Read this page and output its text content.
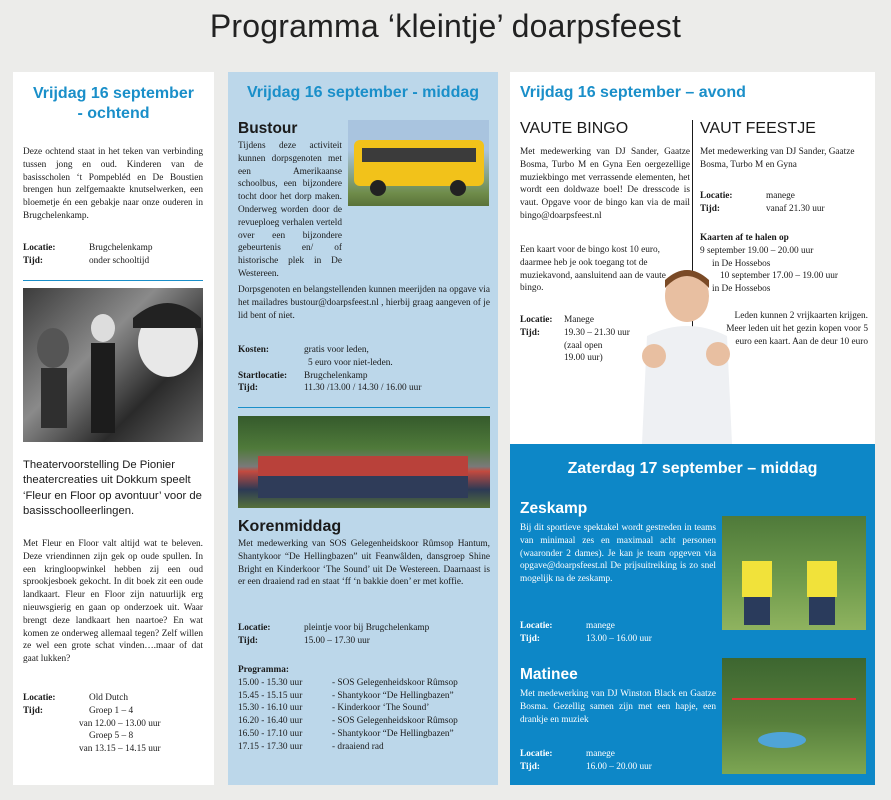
Programma ‘kleintje’ doarpsfeest
Vrijdag 16 september
- ochtend
Deze ochtend staat in het teken van verbinding tussen jong en oud. Kinderen van de basisscholen ‘t Pompebléd en De Boustien brengen hun zelfgemaakte knutselwerken, een bloemetje én een gebakje naar onze ouderen in Brugchelenkamp.
Locatie:	Brugchelenkamp
Tijd:	onder schooltijd
Theatervoorstelling De Pionier theatercreaties uit Dokkum speelt ‘Fleur en Floor op avontuur’ voor de basisschoolleerlingen.
Met Fleur en Floor valt altijd wat te beleven. Deze vriendinnen zijn gek op oude spullen. In een kringloopwinkel hebben zij een oud sprookjesboek gekocht. In dit boek zit een oude landkaart. Fleur en Floor zijn natuurlijk erg nieuwsgierig en gaan op onderzoek uit. Waar brengt deze landkaart hen naartoe? En wat komen ze onderweg allemaal tegen? Zelf willen ze wel een grote schat vinden….maar of dat gaat lukken?
Locatie:	Old Dutch
Tijd:	Groep 1 – 4
van 12.00 – 13.00 uur
Groep 5 – 8
van 13.15 – 14.15 uur
Vrijdag 16 september - middag
Bustour
Tijdens deze activiteit kunnen dorpsgenoten met een Amerikaanse schoolbus, een bijzondere tocht door het dorp maken. Onderweg worden door de revueploeg verhalen verteld over een bijzondere gebeurtenis en/ of historische plek in De Westereen.
Dorpsgenoten en belangstellenden kunnen meerijden na opgave via het mailadres bustour@doarpsfeest.nl , hierbij graag aangeven of je lid bent of niet.
Kosten:	gratis voor leden,
5 euro voor niet-leden.
Startlocatie: Brugchelenkamp
Tijd:	11.30 /13.00 / 14.30 / 16.00 uur
Korenmiddag
Met medewerking van SOS Gelegenheidskoor Rûmsop Hantum, Shantykoor “De Hellingbazen” uit Feanwâlden, dansgroep Shine Bright en Kinderkoor ‘The Sound’ uit De Westereen. Daarnaast is er een draaiend rad en staat ‘ff ‘n bakkie doen’ er met koffie.
Locatie:	pleintje voor bij Brugchelenkamp
Tijd:	15.00 – 17.30 uur
Programma:
15.00 - 15.30 uur	- SOS Gelegenheidskoor Rûmsop
15.45 - 15.15 uur	- Shantykoor “De Hellingbazen”
15.30 - 16.10 uur	- Kinderkoor ‘The Sound’
16.20 - 16.40 uur	- SOS Gelegenheidskoor Rûmsop
16.50 - 17.10 uur	- Shantykoor “De Hellingbazen”
17.15 - 17.30 uur	- draaiend rad
Vrijdag 16 september – avond
VAUTE BINGO
Met medewerking van DJ Sander, Gaatze Bosma, Turbo M en Gyna Een oergezellige muziekbingo met verrassende elementen, het wordt een doldwaze boel! De dresscode is vaut. Opgave voor de bingo kan via de mail bingo@doarpsfeest.nl
Een kaart voor de bingo kost 10 euro, daarmee heb je ook toegang tot de muziekavond, aansluitend aan de vaute bingo.
Locatie: Manege
Tijd:	19.30 – 21.30 uur
(zaal open
19.00 uur)
VAUT FEESTJE
Met medewerking van DJ Sander, Gaatze Bosma, Turbo M en Gyna
Locatie:	manege
Tijd:	vanaf 21.30 uur
Kaarten af te halen op
9 september 19.00 – 20.00 uur
in De Hossebos
10 september 17.00 – 19.00 uur
in De Hossebos
Leden kunnen 2 vrijkaarten krijgen. Meer leden uit het gezin kopen voor 5 euro een kaart. Aan de deur 10 euro
Zaterdag 17 september – middag
Zeskamp
Bij dit sportieve spektakel wordt gestreden in teams van minimaal zes en maximaal acht personen (waaronder 2 dames). Je kan je team opgeven via opgave@doarpsfeest.nl De prijsuitreiking is zo snel mogelijk na de zeskamp.
Locatie:	manege
Tijd:	13.00 – 16.00 uur
Matinee
Met medewerking van DJ Winston Black en Gaatze Bosma. Gezellig samen zijn met een hapje, een drankje en muziek
Locatie:	manege
Tijd:	16.00 – 20.00 uur
